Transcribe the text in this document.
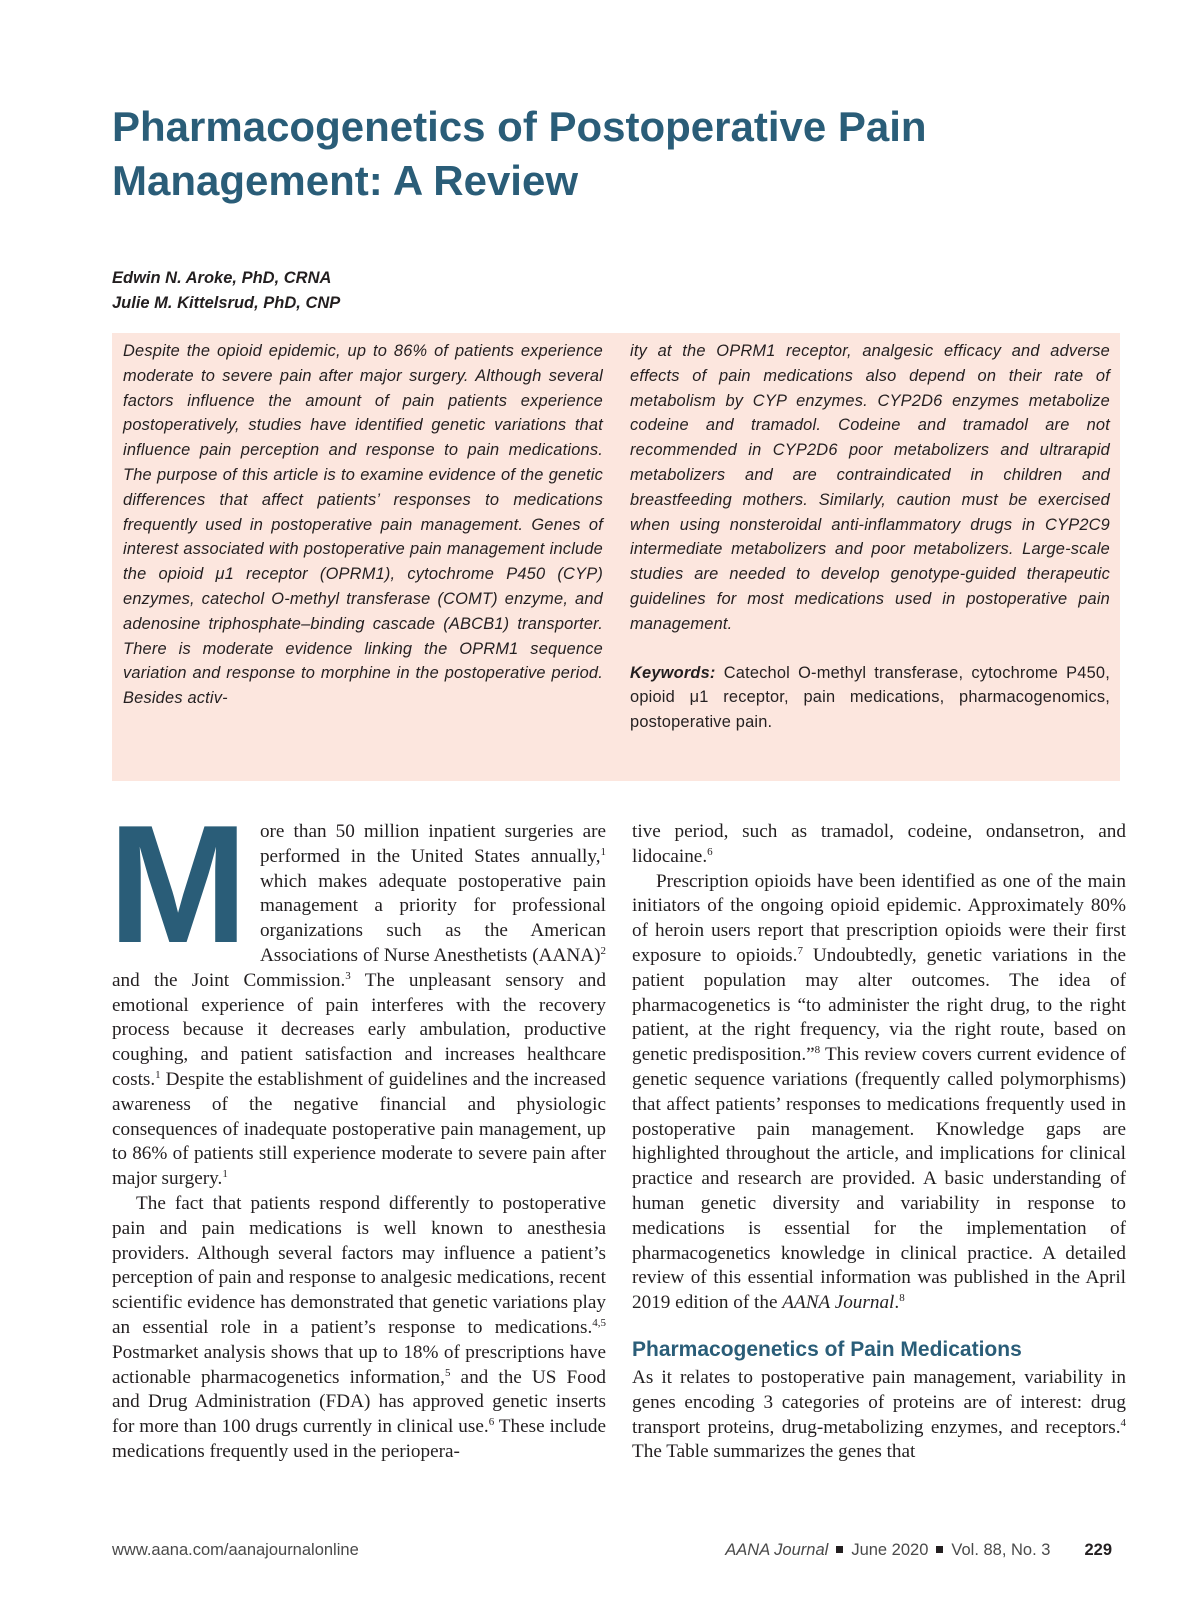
Pharmacogenetics of Postoperative Pain
Management: A Review
Edwin N. Aroke, PhD, CRNA
Julie M. Kittelsrud, PhD, CNP

Despite the opioid epidemic, up to 86% of patients experience moderate to severe pain after major surgery. Although several factors influence the amount of pain patients experience postoperatively, studies have identified genetic variations that influence pain perception and response to pain medications. The purpose of this article is to examine evidence of the genetic differences that affect patients’ responses to medications frequently used in postoperative pain management. Genes of interest associated with postoperative pain management include the opioid μ1 receptor (OPRM1), cytochrome P450 (CYP) enzymes, catechol O-methyl transferase (COMT) enzyme, and adenosine triphosphate–binding cascade (ABCB1) transporter. There is moderate evidence linking the OPRM1 sequence variation and response to morphine in the postoperative period. Besides activ-

ity at the OPRM1 receptor, analgesic efficacy and adverse effects of pain medications also depend on their rate of metabolism by CYP enzymes. CYP2D6 enzymes metabolize codeine and tramadol. Codeine and tramadol are not recommended in CYP2D6 poor metabolizers and ultrarapid metabolizers and are contraindicated in children and breastfeeding mothers. Similarly, caution must be exercised when using nonsteroidal anti-inflammatory drugs in CYP2C9 intermediate metabolizers and poor metabolizers. Large-scale studies are needed to develop genotype-guided therapeutic guidelines for most medications used in postoperative pain management.

Keywords: Catechol O-methyl transferase, cytochrome P450, opioid μ1 receptor, pain medications, pharmacogenomics, postoperative pain.

More than 50 million inpatient surgeries are performed in the United States annually,$^1$ which makes adequate postoperative pain management a priority for professional organizations such as the American Associations of Nurse Anesthetists (AANA)$^2$ and the Joint Commission.$^3$ The unpleasant sensory and emotional experience of pain interferes with the recovery process because it decreases early ambulation, productive coughing, and patient satisfaction and increases healthcare costs.$^1$ Despite the establishment of guidelines and the increased awareness of the negative financial and physiologic consequences of inadequate postoperative pain management, up to 86% of patients still experience moderate to severe pain after major surgery.$^1$

The fact that patients respond differently to postoperative pain and pain medications is well known to anesthesia providers. Although several factors may influence a patient’s perception of pain and response to analgesic medications, recent scientific evidence has demonstrated that genetic variations play an essential role in a patient’s response to medications.$^{4,5}$ Postmarket analysis shows that up to 18% of prescriptions have actionable pharmacogenetics information,$^5$ and the US Food and Drug Administration (FDA) has approved genetic inserts for more than 100 drugs currently in clinical use.$^6$ These include medications frequently used in the periopera-

tive period, such as tramadol, codeine, ondansetron, and lidocaine.$^6$

Prescription opioids have been identified as one of the main initiators of the ongoing opioid epidemic. Approximately 80% of heroin users report that prescription opioids were their first exposure to opioids.$^7$ Undoubtedly, genetic variations in the patient population may alter outcomes. The idea of pharmacogenetics is “to administer the right drug, to the right patient, at the right frequency, via the right route, based on genetic predisposition.”$^8$ This review covers current evidence of genetic sequence variations (frequently called polymorphisms) that affect patients’ responses to medications frequently used in postoperative pain management. Knowledge gaps are highlighted throughout the article, and implications for clinical practice and research are provided. A basic understanding of human genetic diversity and variability in response to medications is essential for the implementation of pharmacogenetics knowledge in clinical practice. A detailed review of this essential information was published in the April 2019 edition of the AANA Journal.$^8$

Pharmacogenetics of Pain Medications

As it relates to postoperative pain management, variability in genes encoding 3 categories of proteins are of interest: drug transport proteins, drug-metabolizing enzymes, and receptors.$^4$ The Table summarizes the genes that

www.aana.com/aanajournalonline	AANA Journal June 2020 Vol. 88, No. 3 229
